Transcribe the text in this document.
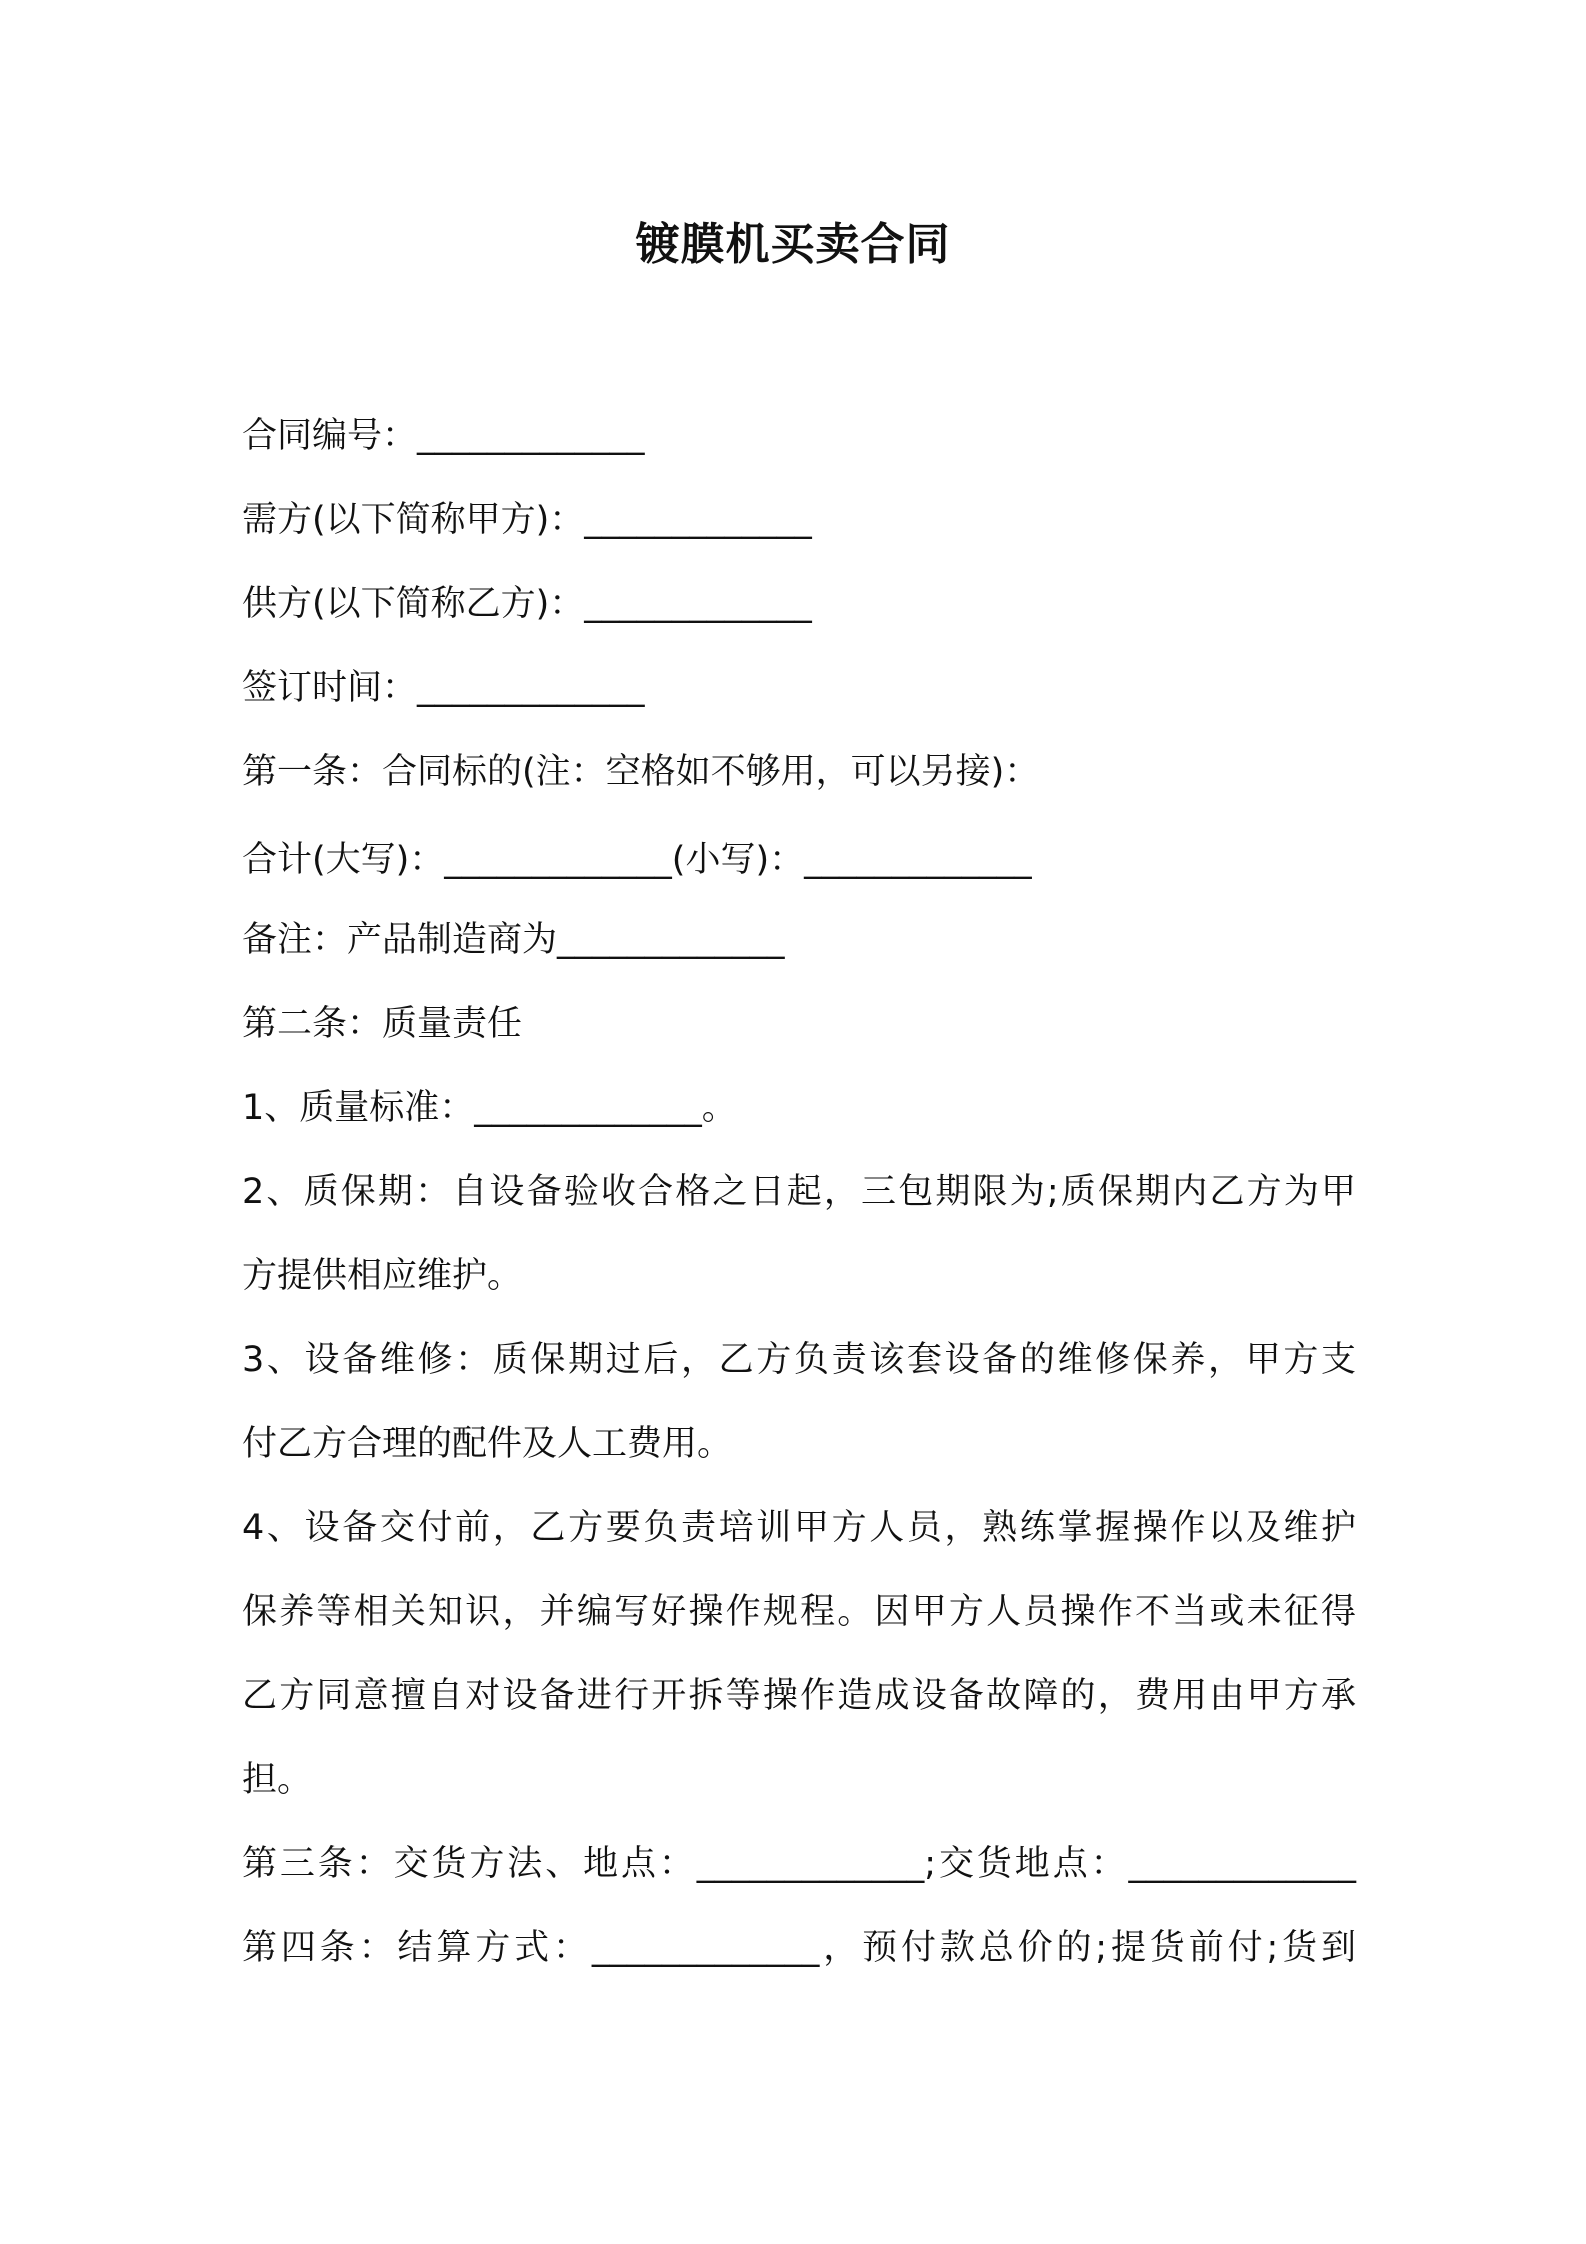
镀膜机买卖合同
合同编号：_____________
需方(以下简称甲方)：_____________
供方(以下简称乙方)：_____________
签订时间：_____________
第一条：合同标的(注：空格如不够用，可以另接)：
合计(大写)：_____________(小写)：_____________
备注：产品制造商为_____________
第二条：质量责任
1、质量标准：_____________。
2、质保期：自设备验收合格之日起，三包期限为;质保期内乙方为甲
方提供相应维护。
3、设备维修：质保期过后，乙方负责该套设备的维修保养，甲方支
付乙方合理的配件及人工费用。
4、设备交付前，乙方要负责培训甲方人员，熟练掌握操作以及维护
保养等相关知识，并编写好操作规程。因甲方人员操作不当或未征得
乙方同意擅自对设备进行开拆等操作造成设备故障的，费用由甲方承
担。
第三条：交货方法、地点：_____________;交货地点：_____________
第四条：结算方式：_____________，预付款总价的;提货前付;货到
